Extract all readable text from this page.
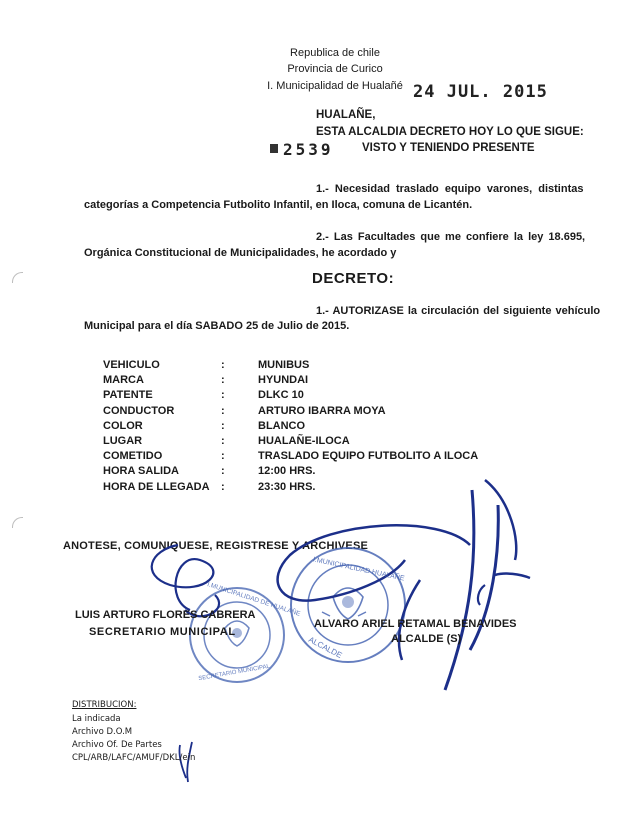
Republica de chile
Provincia de Curico
I. Municipalidad de Hualañé 24 JUL. 2015
HUALAÑE,
ESTA ALCALDIA DECRETO HOY LO QUE SIGUE:
2539 VISTO Y TENIENDO PRESENTE
1.- Necesidad traslado equipo varones, distintas
categorías a Competencia Futbolito Infantil, en Iloca, comuna de Licantén.
2.- Las Facultades que me confiere la ley 18.695,
Orgánica Constitucional de Municipalidades, he acordado y
DECRETO:
1.- AUTORIZASE la circulación del siguiente vehículo
Municipal para el día SABADO 25 de Julio de 2015.
VEHICULO	:	MUNIBUS
MARCA	:	HYUNDAI
PATENTE	:	DLKC 10
CONDUCTOR	:	ARTURO IBARRA MOYA
COLOR	:	BLANCO
LUGAR	:	HUALAÑE-ILOCA
COMETIDO	:	TRASLADO EQUIPO FUTBOLITO A ILOCA
HORA SALIDA	:	12:00 HRS.
HORA DE LLEGADA :	23:30 HRS.
ANOTESE, COMUNIQUESE, REGISTRESE Y ARCHIVESE
I.MUNICIPALIDAD DE HUALAÑE
SECRETARIO MUNICIPAL
I.MUNICIPALIDAD HUALAÑE
ALCALDE
LUIS ARTURO FLORES CABRERA
SECRETARIO MUNICIPAL
ALVARO ARIEL RETAMAL BENAVIDES
ALCALDE (S)
DISTRIBUCION:
La indicada
Archivo D.O.M
Archivo Of. De Partes
CPL/ARB/LAFC/AMUF/DKL/ein
